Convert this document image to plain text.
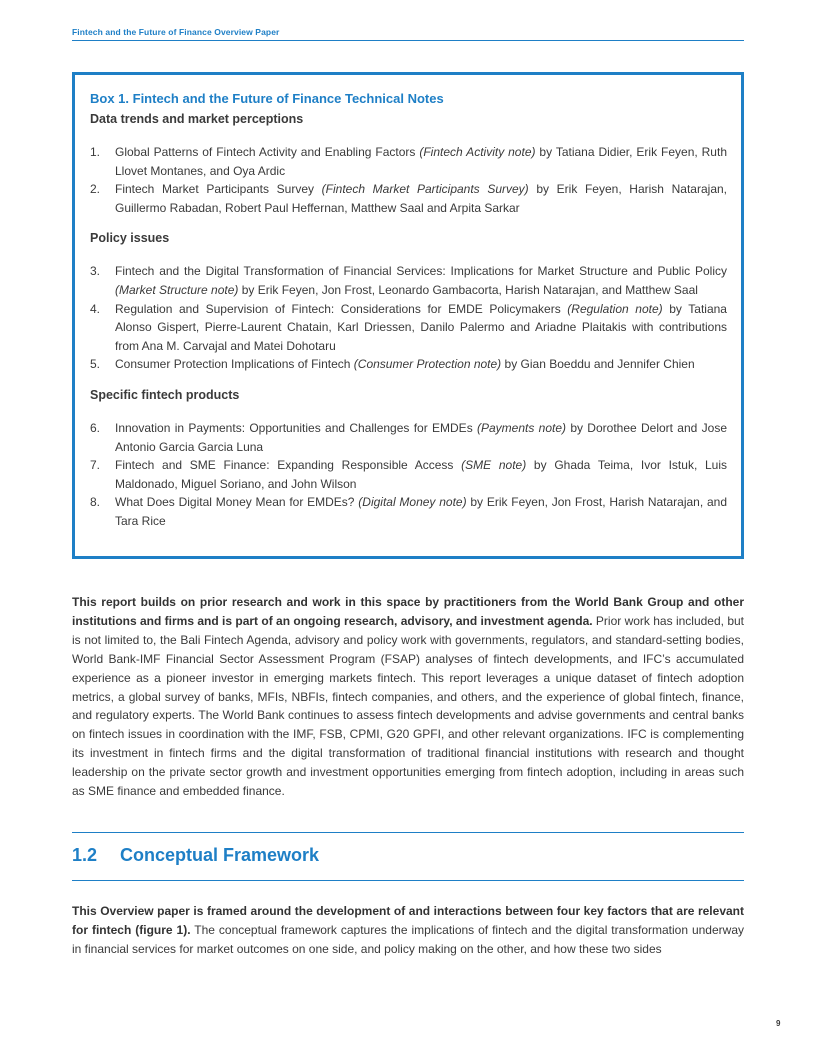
Fintech and the Future of Finance Overview Paper
Box 1. Fintech and the Future of Finance Technical Notes
Data trends and market perceptions
1. Global Patterns of Fintech Activity and Enabling Factors (Fintech Activity note) by Tatiana Didier, Erik Feyen, Ruth Llovet Montanes, and Oya Ardic
2. Fintech Market Participants Survey (Fintech Market Participants Survey) by Erik Feyen, Harish Natarajan, Guillermo Rabadan, Robert Paul Heffernan, Matthew Saal and Arpita Sarkar
Policy issues
3. Fintech and the Digital Transformation of Financial Services: Implications for Market Structure and Public Policy (Market Structure note) by Erik Feyen, Jon Frost, Leonardo Gambacorta, Harish Natarajan, and Matthew Saal
4. Regulation and Supervision of Fintech: Considerations for EMDE Policymakers (Regulation note) by Tatiana Alonso Gispert, Pierre-Laurent Chatain, Karl Driessen, Danilo Palermo and Ariadne Plaitakis with contributions from Ana M. Carvajal and Matei Dohotaru
5. Consumer Protection Implications of Fintech (Consumer Protection note) by Gian Boeddu and Jennifer Chien
Specific fintech products
6. Innovation in Payments: Opportunities and Challenges for EMDEs (Payments note) by Dorothee Delort and Jose Antonio Garcia Garcia Luna
7. Fintech and SME Finance: Expanding Responsible Access (SME note) by Ghada Teima, Ivor Istuk, Luis Maldonado, Miguel Soriano, and John Wilson
8. What Does Digital Money Mean for EMDEs? (Digital Money note) by Erik Feyen, Jon Frost, Harish Natarajan, and Tara Rice

This report builds on prior research and work in this space by practitioners from the World Bank Group and other institutions and firms and is part of an ongoing research, advisory, and investment agenda. Prior work has included, but is not limited to, the Bali Fintech Agenda, advisory and policy work with governments, regulators, and standard-setting bodies, World Bank-IMF Financial Sector Assessment Program (FSAP) analyses of fintech developments, and IFC’s accumulated experience as a pioneer investor in emerging markets fintech. This report leverages a unique dataset of fintech adoption metrics, a global survey of banks, MFIs, NBFIs, fintech companies, and others, and the experience of global fintech, finance, and regulatory experts. The World Bank continues to assess fintech developments and advise governments and central banks on fintech issues in coordination with the IMF, FSB, CPMI, G20 GPFI, and other relevant organizations. IFC is complementing its investment in fintech firms and the digital transformation of traditional financial institutions with research and thought leadership on the private sector growth and investment opportunities emerging from fintech adoption, including in areas such as SME finance and embedded finance.

1.2 Conceptual Framework

This Overview paper is framed around the development of and interactions between four key factors that are relevant for fintech (figure 1). The conceptual framework captures the implications of fintech and the digital transformation underway in financial services for market outcomes on one side, and policy making on the other, and how these two sides

9
